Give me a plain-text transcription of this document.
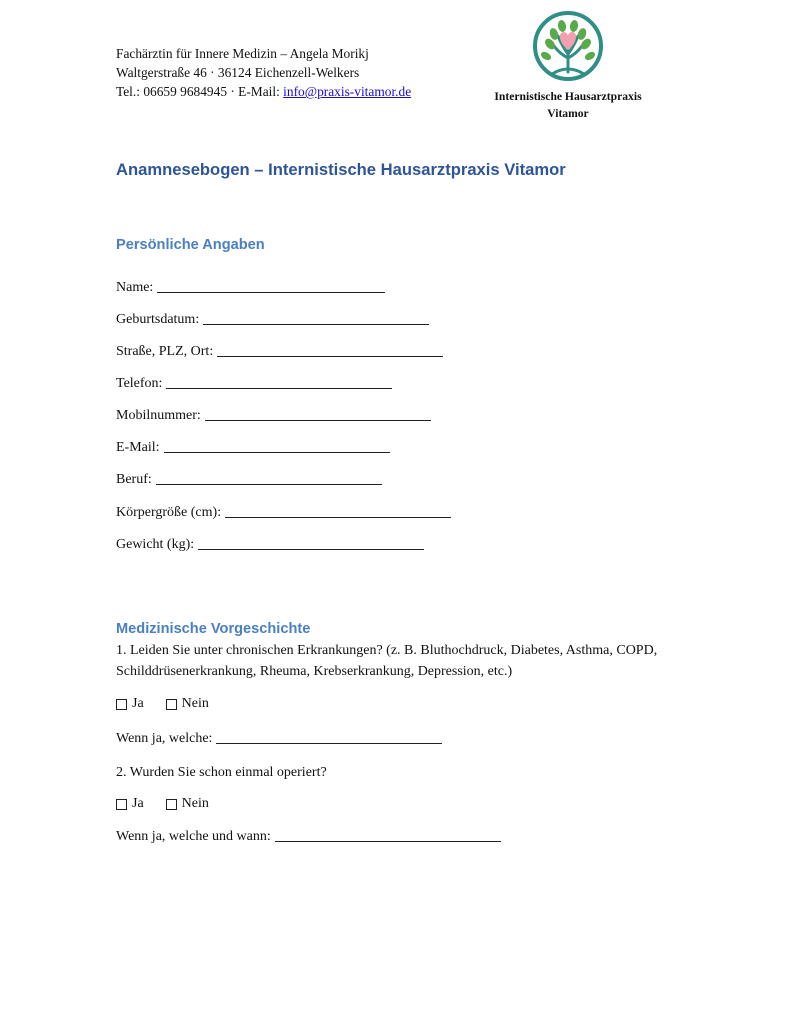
Fachärztin für Innere Medizin – Angela Morikj
Waltgerstraße 46 · 36124 Eichenzell-Welkers
Tel.: 06659 9684945 · E-Mail: info@praxis-vitamor.de	Internistische Hausarztpraxis
Vitamor
Anamnesebogen – Internistische Hausarztpraxis Vitamor
Persönliche Angaben
Name:
Geburtsdatum:
Straße, PLZ, Ort:
Telefon:
Mobilnummer:
E-Mail:
Beruf:
Körpergröße (cm):
Gewicht (kg):
Medizinische Vorgeschichte
1. Leiden Sie unter chronischen Erkrankungen? (z. B. Bluthochdruck, Diabetes, Asthma, COPD, Schilddrüsenerkrankung, Rheuma, Krebserkrankung, Depression, etc.)
Ja	Nein
Wenn ja, welche:
2. Wurden Sie schon einmal operiert?
Ja	Nein
Wenn ja, welche und wann:
